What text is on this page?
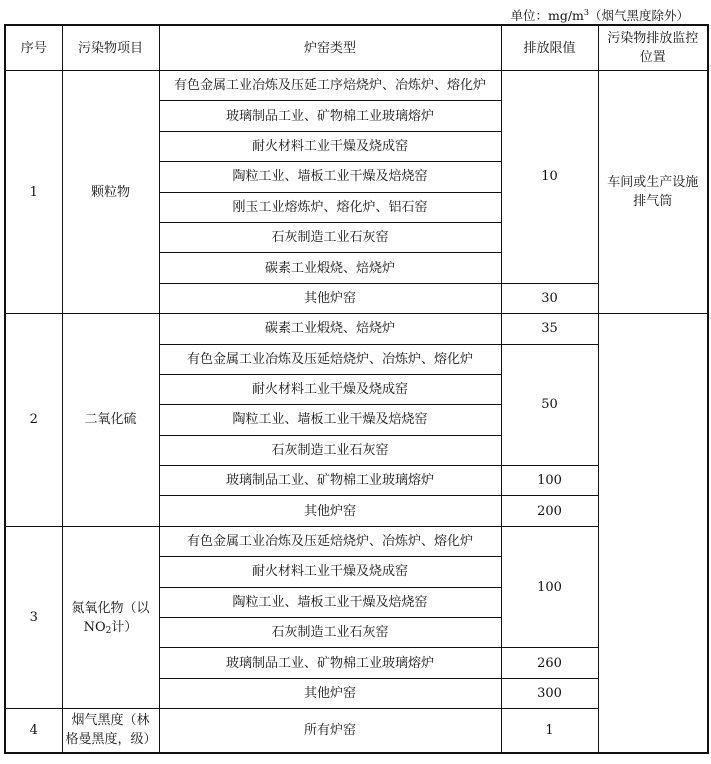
单位：$mg/m^3$（烟气黑度除外）
序号	污染物项目	炉窑类型	排放限值	污染物排放监控位置
1	颗粒物	有色金属工业冶炼及压延工序焙烧炉、冶炼炉、熔化炉	10	车间或生产设施排气筒
		玻璃制品工业、矿物棉工业玻璃熔炉		
		耐火材料工业干燥及烧成窑		
		陶粒工业、墙板工业干燥及焙烧窑		
		刚玉工业熔炼炉、熔化炉、铝石窑		
		石灰制造工业石灰窑		
		碳素工业煅烧、焙烧炉		
		其他炉窑	30	
2	二氧化硫	碳素工业煅烧、焙烧炉	35	
		有色金属工业冶炼及压延焙烧炉、冶炼炉、熔化炉	50	
		耐火材料工业干燥及烧成窑		
		陶粒工业、墙板工业干燥及焙烧窑		
		石灰制造工业石灰窑		
		玻璃制品工业、矿物棉工业玻璃熔炉	100	
		其他炉窑	200	
3	氮氧化物（以$NO_2$计）	有色金属工业冶炼及压延焙烧炉、冶炼炉、熔化炉	100	
		耐火材料工业干燥及烧成窑		
		陶粒工业、墙板工业干燥及焙烧窑		
		石灰制造工业石灰窑		
		玻璃制品工业、矿物棉工业玻璃熔炉	260	
		其他炉窑	300	
4	烟气黑度（林格曼黑度，级）	所有炉窑	1	
